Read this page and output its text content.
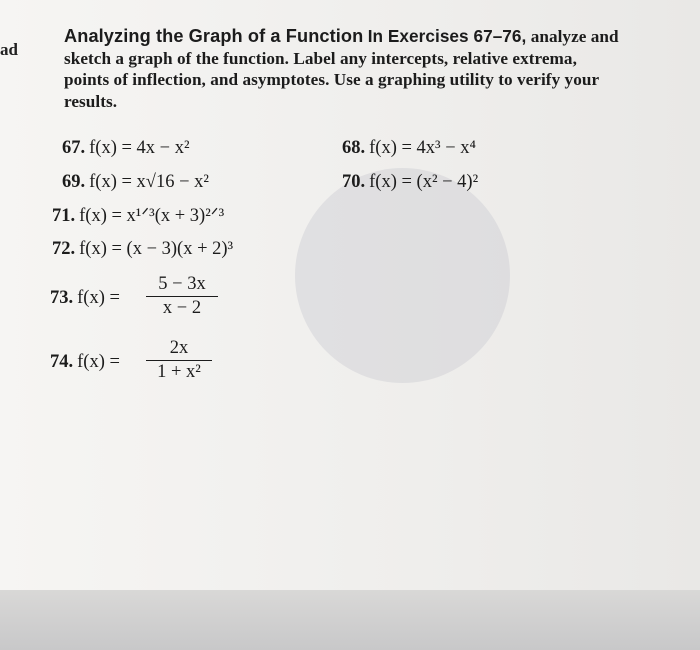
ad
Analyzing the Graph of a Function In Exercises 67–76, analyze and sketch a graph of the function. Label any intercepts, relative extrema, points of inflection, and asymptotes. Use a graphing utility to verify your results.
67. f(x) = 4x − x²	68. f(x) = 4x³ − x⁴
69. f(x) = x√16 − x²	70. f(x) = (x² − 4)²
71. f(x) = x¹ᐟ³(x + 3)²ᐟ³
72. f(x) = (x − 3)(x + 2)³
73. f(x) =
5 − 3x
x − 2
74. f(x) =
2x
1 + x²
